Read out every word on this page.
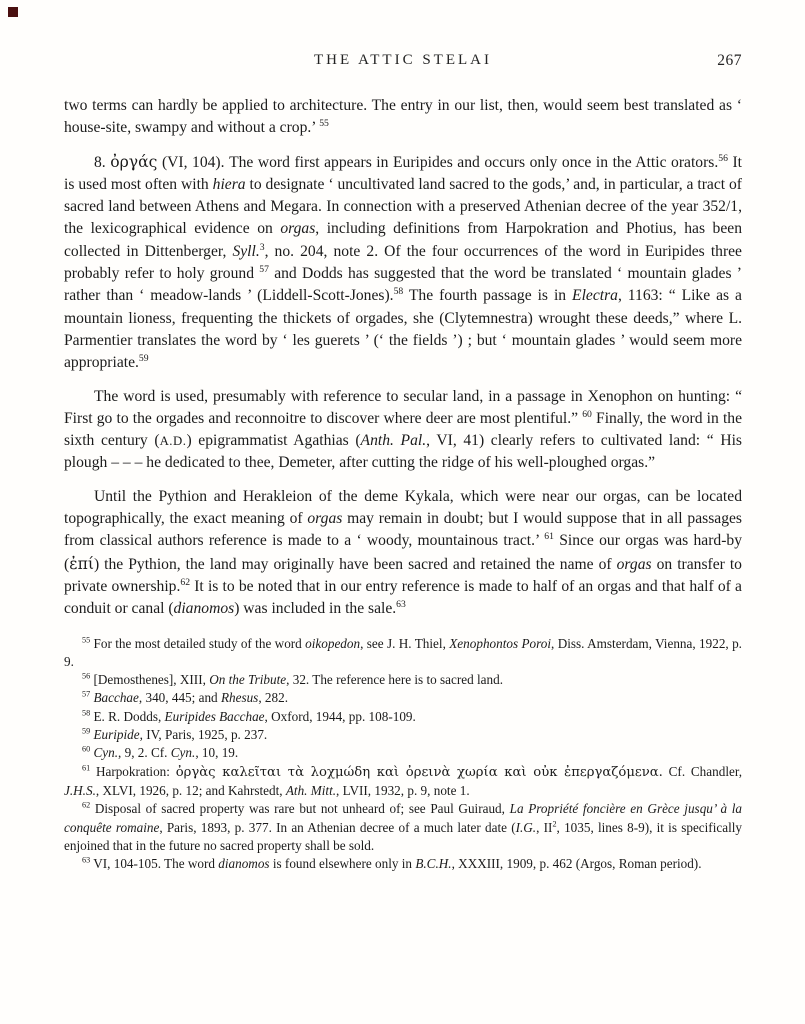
THE ATTIC STELAI	267

two terms can hardly be applied to architecture. The entry in our list, then, would seem best translated as ‘ house-site, swampy and without a crop.’ $^{55}$

8. ὀργάς (VI, 104). The word first appears in Euripides and occurs only once in the Attic orators.$^{56}$ It is used most often with hiera to designate ‘ uncultivated land sacred to the gods,’ and, in particular, a tract of sacred land between Athens and Megara. In connection with a preserved Athenian decree of the year 352/1, the lexicographical evidence on orgas, including definitions from Harpokration and Photius, has been collected in Dittenberger, Syll.$^3$, no. 204, note 2. Of the four occurrences of the word in Euripides three probably refer to holy ground $^{57}$ and Dodds has suggested that the word be translated ‘ mountain glades ’ rather than ‘ meadow-lands ’ (Liddell-Scott-Jones).$^{58}$ The fourth passage is in Electra, 1163: “ Like as a mountain lioness, frequenting the thickets of orgades, she (Clytemnestra) wrought these deeds,” where L. Parmentier translates the word by ‘ les guerets ’ (‘ the fields ’) ; but ‘ mountain glades ’ would seem more appropriate.$^{59}$

The word is used, presumably with reference to secular land, in a passage in Xenophon on hunting: “ First go to the orgades and reconnoitre to discover where deer are most plentiful.” $^{60}$ Finally, the word in the sixth century (A.D.) epigrammatist Agathias (Anth. Pal., VI, 41) clearly refers to cultivated land: “ His plough – – – he dedicated to thee, Demeter, after cutting the ridge of his well-ploughed orgas.”

Until the Pythion and Herakleion of the deme Kykala, which were near our orgas, can be located topographically, the exact meaning of orgas may remain in doubt; but I would suppose that in all passages from classical authors reference is made to a ‘ woody, mountainous tract.’ $^{61}$ Since our orgas was hard-by (ἐπί) the Pythion, the land may originally have been sacred and retained the name of orgas on transfer to private ownership.$^{62}$ It is to be noted that in our entry reference is made to half of an orgas and that half of a conduit or canal (dianomos) was included in the sale.$^{63}$

$^{55}$ For the most detailed study of the word oikopedon, see J. H. Thiel, Xenophontos Poroi, Diss. Amsterdam, Vienna, 1922, p. 9.

$^{56}$ [Demosthenes], XIII, On the Tribute, 32. The reference here is to sacred land.

$^{57}$ Bacchae, 340, 445; and Rhesus, 282.

$^{58}$ E. R. Dodds, Euripides Bacchae, Oxford, 1944, pp. 108-109.

$^{59}$ Euripide, IV, Paris, 1925, p. 237.

$^{60}$ Cyn., 9, 2. Cf. Cyn., 10, 19.

$^{61}$ Harpokration: ὀργὰς καλεῖται τὰ λοχμώδη καὶ ὀρεινὰ χωρία καὶ οὐκ ἐπεργαζόμενα. Cf. Chandler, J.H.S., XLVI, 1926, p. 12; and Kahrstedt, Ath. Mitt., LVII, 1932, p. 9, note 1.

$^{62}$ Disposal of sacred property was rare but not unheard of; see Paul Guiraud, La Propriété foncière en Grèce jusqu’ à la conquête romaine, Paris, 1893, p. 377. In an Athenian decree of a much later date (I.G., $II^2$, 1035, lines 8-9), it is specifically enjoined that in the future no sacred property shall be sold.

$^{63}$ VI, 104-105. The word dianomos is found elsewhere only in B.C.H., XXXIII, 1909, p. 462 (Argos, Roman period).
